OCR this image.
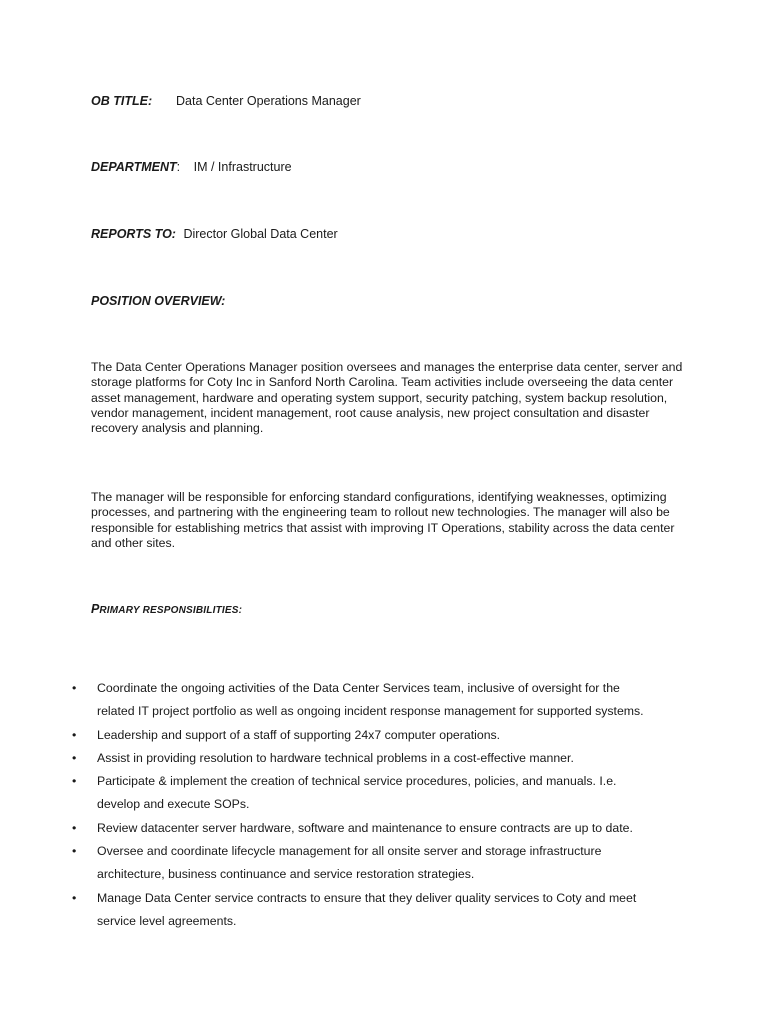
OB TITLE: Data Center Operations Manager
DEPARTMENT: IM / Infrastructure
REPORTS TO: Director Global Data Center
POSITION OVERVIEW:

The Data Center Operations Manager position oversees and manages the enterprise data center, server and storage platforms for Coty Inc in Sanford North Carolina. Team activities include overseeing the data center asset management, hardware and operating system support, security patching, system backup resolution, vendor management, incident management, root cause analysis, new project consultation and disaster recovery analysis and planning.

The manager will be responsible for enforcing standard configurations, identifying weaknesses, optimizing processes, and partnering with the engineering team to rollout new technologies. The manager will also be responsible for establishing metrics that assist with improving IT Operations, stability across the data center and other sites.

PRIMARY RESPONSIBILITIES:
• Coordinate the ongoing activities of the Data Center Services team, inclusive of oversight for the related IT project portfolio as well as ongoing incident response management for supported systems.
• Leadership and support of a staff of supporting 24x7 computer operations.
• Assist in providing resolution to hardware technical problems in a cost-effective manner.
• Participate & implement the creation of technical service procedures, policies, and manuals. I.e. develop and execute SOPs.
• Review datacenter server hardware, software and maintenance to ensure contracts are up to date.
• Oversee and coordinate lifecycle management for all onsite server and storage infrastructure architecture, business continuance and service restoration strategies.
• Manage Data Center service contracts to ensure that they deliver quality services to Coty and meet service level agreements.
